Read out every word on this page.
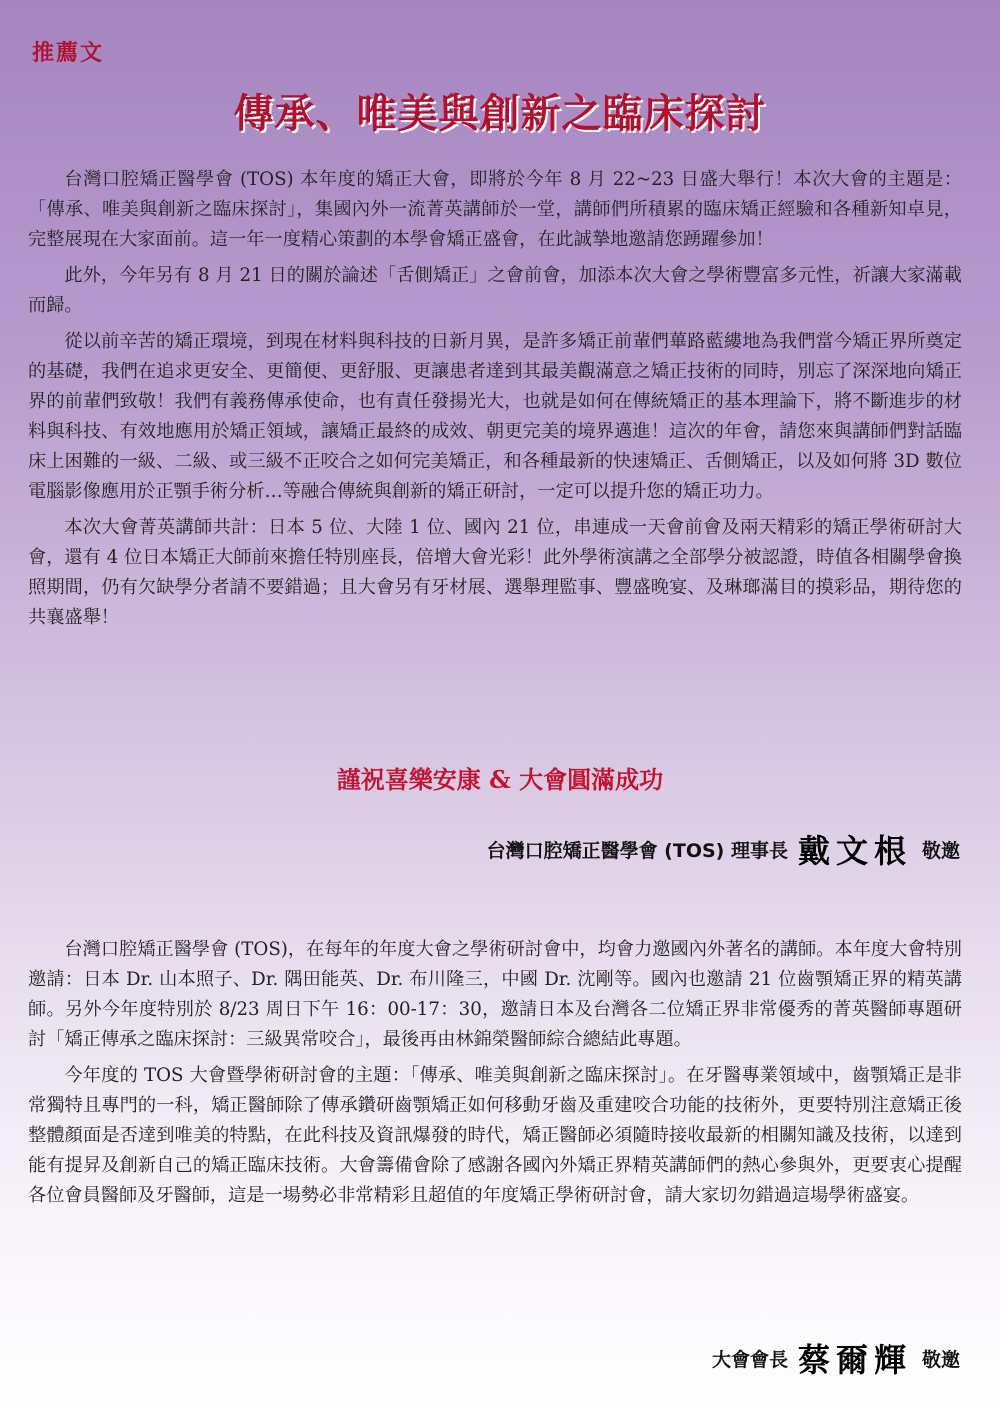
推薦文
傳承、唯美與創新之臨床探討

台灣口腔矯正醫學會 (TOS) 本年度的矯正大會，即將於今年 8 月 22~23 日盛大舉行！本次大會的主題是：「傳承、唯美與創新之臨床探討」，集國內外一流菁英講師於一堂，講師們所積累的臨床矯正經驗和各種新知卓見，完整展現在大家面前。這一年一度精心策劃的本學會矯正盛會，在此誠摯地邀請您踴躍參加！

此外，今年另有 8 月 21 日的關於論述「舌側矯正」之會前會，加添本次大會之學術豐富多元性，祈讓大家滿載而歸。

從以前辛苦的矯正環境，到現在材料與科技的日新月異，是許多矯正前輩們蓽路藍縷地為我們當今矯正界所奠定的基礎，我們在追求更安全、更簡便、更舒服、更讓患者達到其最美觀滿意之矯正技術的同時，別忘了深深地向矯正界的前輩們致敬！我們有義務傳承使命，也有責任發揚光大，也就是如何在傳統矯正的基本理論下，將不斷進步的材料與科技、有效地應用於矯正領域，讓矯正最終的成效、朝更完美的境界邁進！這次的年會，請您來與講師們對話臨床上困難的一級、二級、或三級不正咬合之如何完美矯正，和各種最新的快速矯正、舌側矯正，以及如何將 3D 數位電腦影像應用於正顎手術分析…等融合傳統與創新的矯正研討，一定可以提升您的矯正功力。

本次大會菁英講師共計：日本 5 位、大陸 1 位、國內 21 位，串連成一天會前會及兩天精彩的矯正學術研討大會，還有 4 位日本矯正大師前來擔任特別座長，倍增大會光彩！此外學術演講之全部學分被認證，時值各相關學會換照期間，仍有欠缺學分者請不要錯過；且大會另有牙材展、選舉理監事、豐盛晚宴、及琳瑯滿目的摸彩品，期待您的共襄盛舉！

謹祝喜樂安康 & 大會圓滿成功
台灣口腔矯正醫學會 (TOS) 理事長 戴文根 敬邀

台灣口腔矯正醫學會 (TOS)，在每年的年度大會之學術研討會中，均會力邀國內外著名的講師。本年度大會特別邀請：日本 Dr. 山本照子、Dr. 隅田能英、Dr. 布川隆三，中國 Dr. 沈剛等。國內也邀請 21 位齒顎矯正界的精英講師。另外今年度特別於 8/23 周日下午 16：00-17：30，邀請日本及台灣各二位矯正界非常優秀的菁英醫師專題研討「矯正傳承之臨床探討：三級異常咬合」，最後再由林錦榮醫師綜合總結此專題。

今年度的 TOS 大會暨學術研討會的主題：「傳承、唯美與創新之臨床探討」。在牙醫專業領域中，齒顎矯正是非常獨特且專門的一科，矯正醫師除了傳承鑽研齒顎矯正如何移動牙齒及重建咬合功能的技術外，更要特別注意矯正後整體顏面是否達到唯美的特點，在此科技及資訊爆發的時代，矯正醫師必須隨時接收最新的相關知識及技術，以達到能有提昇及創新自己的矯正臨床技術。大會籌備會除了感謝各國內外矯正界精英講師們的熱心參與外，更要衷心提醒各位會員醫師及牙醫師，這是一場勢必非常精彩且超值的年度矯正學術研討會，請大家切勿錯過這場學術盛宴。

大會會長 蔡爾輝 敬邀
